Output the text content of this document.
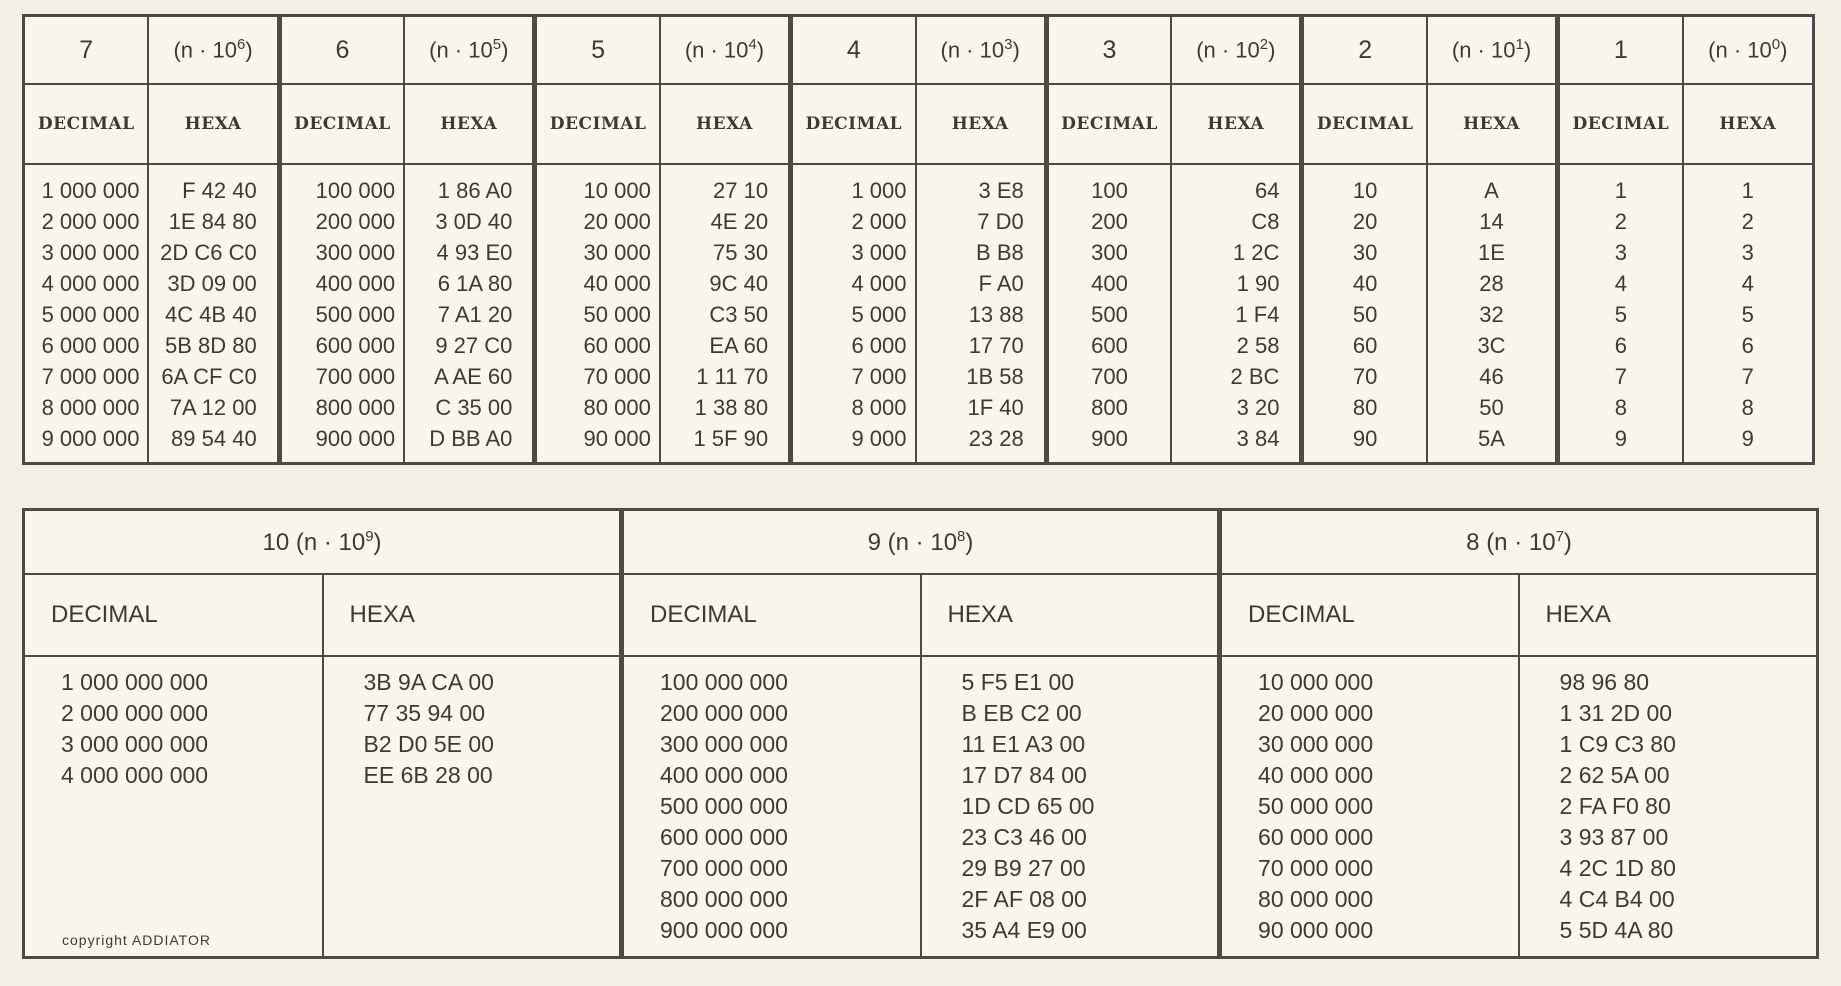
7	$(n \cdot 10^6)$	6	$(n \cdot 10^5)$	5	$(n \cdot 10^4)$	4	$(n \cdot 10^3)$	3	$(n \cdot 10^2)$	2	$(n \cdot 10^1)$	1	$(n \cdot 10^0)$
DECIMAL	HEXA	DECIMAL	HEXA	DECIMAL	HEXA	DECIMAL	HEXA	DECIMAL	HEXA	DECIMAL	HEXA	DECIMAL	HEXA
1 000 000	F 42 40	100 000	1 86 A0	10 000	27 10	1 000	3 E8	100	64	10	A	1	1
2 000 000	1E 84 80	200 000	3 0D 40	20 000	4E 20	2 000	7 D0	200	C8	20	14	2	2
3 000 000	2D C6 C0	300 000	4 93 E0	30 000	75 30	3 000	B B8	300	1 2C	30	1E	3	3
4 000 000	3D 09 00	400 000	6 1A 80	40 000	9C 40	4 000	F A0	400	1 90	40	28	4	4
5 000 000	4C 4B 40	500 000	7 A1 20	50 000	C3 50	5 000	13 88	500	1 F4	50	32	5	5
6 000 000	5B 8D 80	600 000	9 27 C0	60 000	EA 60	6 000	17 70	600	2 58	60	3C	6	6
7 000 000	6A CF C0	700 000	A AE 60	70 000	1 11 70	7 000	1B 58	700	2 BC	70	46	7	7
8 000 000	7A 12 00	800 000	C 35 00	80 000	1 38 80	8 000	1F 40	800	3 20	80	50	8	8
9 000 000	89 54 40	900 000	D BB A0	90 000	1 5F 90	9 000	23 28	900	3 84	90	5A	9	9
10 $(n \cdot 10^9)$		9 $(n \cdot 10^8)$		8 $(n \cdot 10^7)$	
DECIMAL	HEXA	DECIMAL	HEXA	DECIMAL	HEXA
1 000 000 000	3B 9A CA 00	100 000 000	5 F5 E1 00	10 000 000	98 96 80
2 000 000 000	77 35 94 00	200 000 000	B EB C2 00	20 000 000	1 31 2D 00
3 000 000 000	B2 D0 5E 00	300 000 000	11 E1 A3 00	30 000 000	1 C9 C3 80
4 000 000 000	EE 6B 28 00	400 000 000	17 D7 84 00	40 000 000	2 62 5A 00
		500 000 000	1D CD 65 00	50 000 000	2 FA F0 80
		600 000 000	23 C3 46 00	60 000 000	3 93 87 00
		700 000 000	29 B9 27 00	70 000 000	4 2C 1D 80
		800 000 000	2F AF 08 00	80 000 000	4 C4 B4 00
		900 000 000	35 A4 E9 00	90 000 000	5 5D 4A 80

copyright ADDIATOR
